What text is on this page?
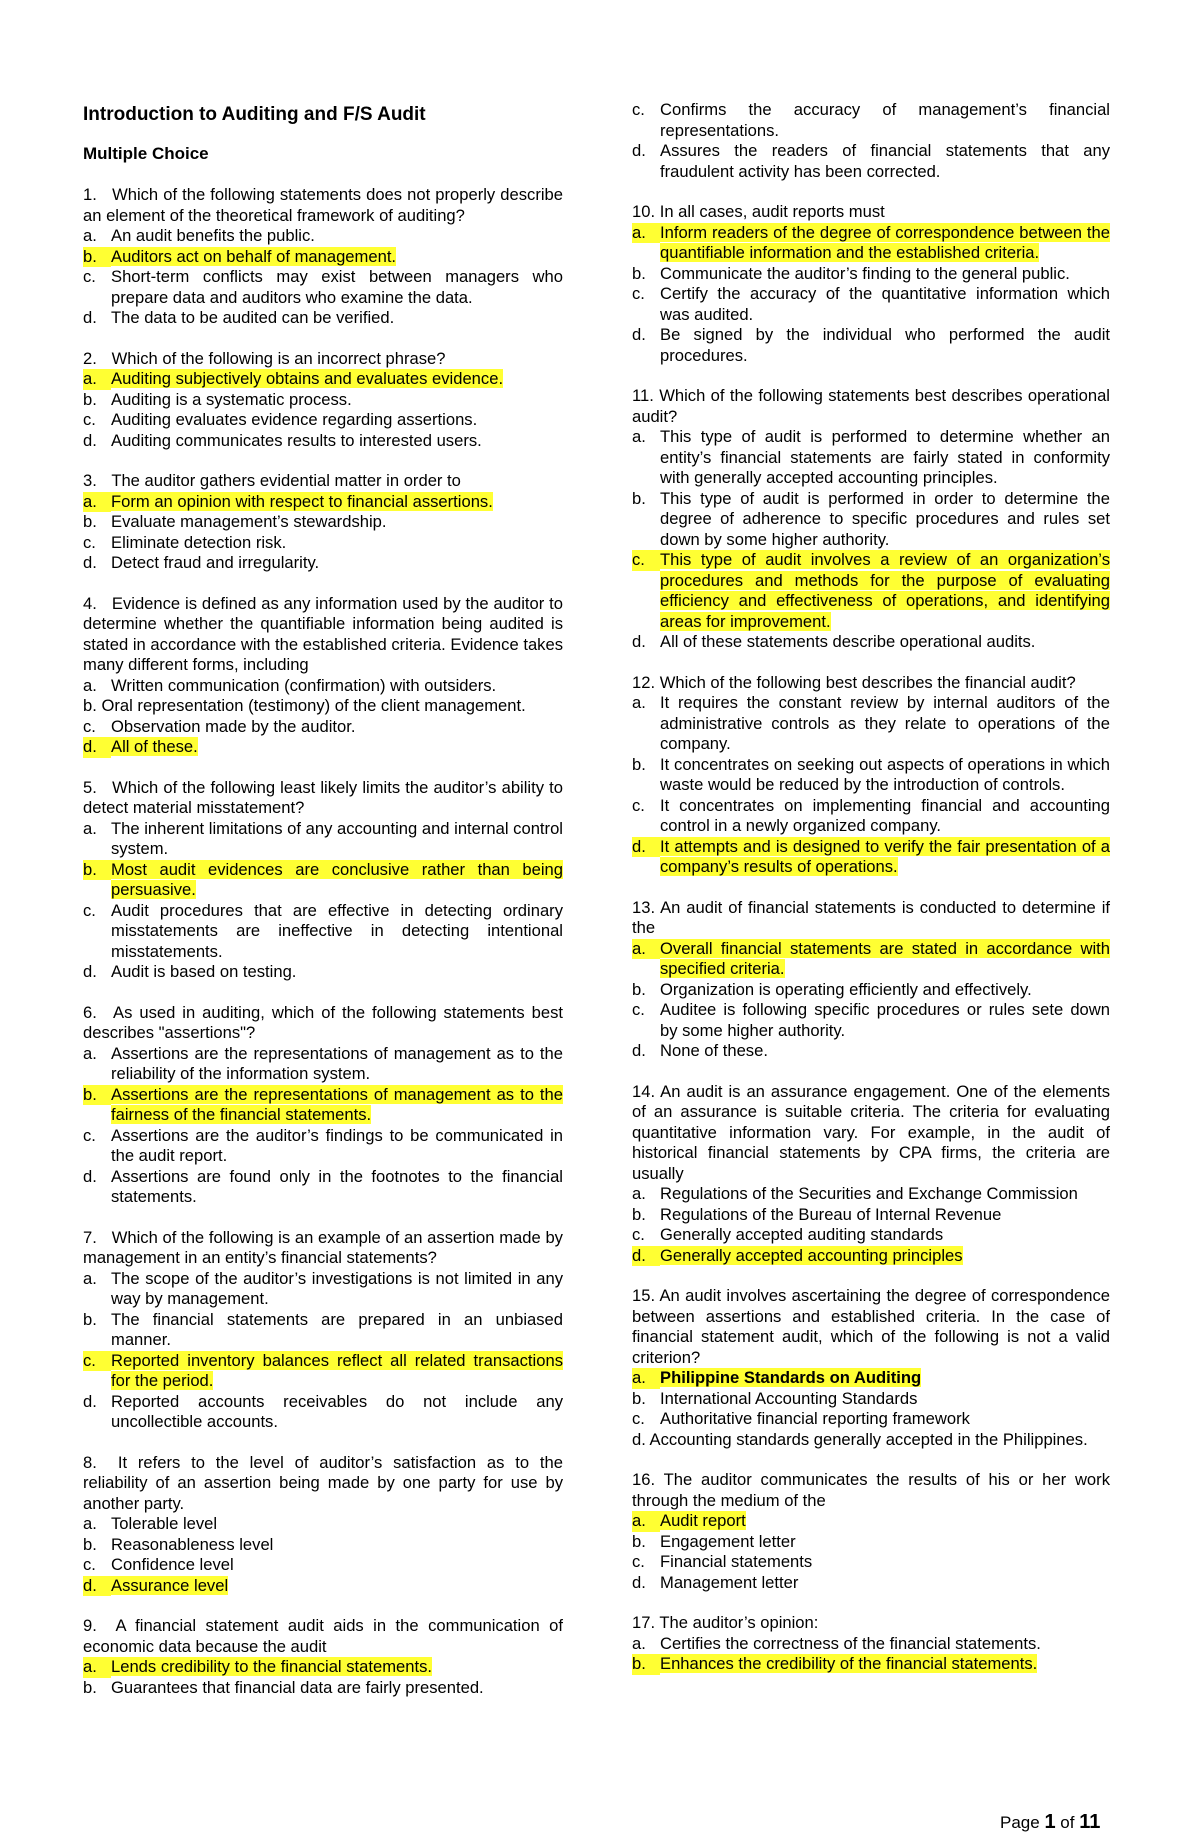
Introduction to Auditing and F/S Audit
Multiple Choice
1. Which of the following statements does not properly describe an element of the theoretical framework of auditing?
a. An audit benefits the public.
b. Auditors act on behalf of management.
c. Short-term conflicts may exist between managers who prepare data and auditors who examine the data.
d. The data to be audited can be verified.
2. Which of the following is an incorrect phrase?
a. Auditing subjectively obtains and evaluates evidence.
b. Auditing is a systematic process.
c. Auditing evaluates evidence regarding assertions.
d. Auditing communicates results to interested users.
3. The auditor gathers evidential matter in order to
a. Form an opinion with respect to financial assertions.
b. Evaluate management’s stewardship.
c. Eliminate detection risk.
d. Detect fraud and irregularity.
4. Evidence is defined as any information used by the auditor to determine whether the quantifiable information being audited is stated in accordance with the established criteria. Evidence takes many different forms, including
a. Written communication (confirmation) with outsiders.
b. Oral representation (testimony) of the client management.
c. Observation made by the auditor.
d. All of these.
5. Which of the following least likely limits the auditor’s ability to detect material misstatement?
a. The inherent limitations of any accounting and internal control system.
b. Most audit evidences are conclusive rather than being persuasive.
c. Audit procedures that are effective in detecting ordinary misstatements are ineffective in detecting intentional misstatements.
d. Audit is based on testing.
6. As used in auditing, which of the following statements best describes "assertions"?
a. Assertions are the representations of management as to the reliability of the information system.
b. Assertions are the representations of management as to the fairness of the financial statements.
c. Assertions are the auditor’s findings to be communicated in the audit report.
d. Assertions are found only in the footnotes to the financial statements.
7. Which of the following is an example of an assertion made by management in an entity’s financial statements?
a. The scope of the auditor’s investigations is not limited in any way by management.
b. The financial statements are prepared in an unbiased manner.
c. Reported inventory balances reflect all related transactions for the period.
d. Reported accounts receivables do not include any uncollectible accounts.
8. It refers to the level of auditor’s satisfaction as to the reliability of an assertion being made by one party for use by another party.
a. Tolerable level
b. Reasonableness level
c. Confidence level
d. Assurance level
9. A financial statement audit aids in the communication of economic data because the audit
a. Lends credibility to the financial statements.
b. Guarantees that financial data are fairly presented.
c. Confirms the accuracy of management’s financial representations.
d. Assures the readers of financial statements that any fraudulent activity has been corrected.
10. In all cases, audit reports must
a. Inform readers of the degree of correspondence between the quantifiable information and the established criteria.
b. Communicate the auditor’s finding to the general public.
c. Certify the accuracy of the quantitative information which was audited.
d. Be signed by the individual who performed the audit procedures.
11. Which of the following statements best describes operational audit?
a. This type of audit is performed to determine whether an entity’s financial statements are fairly stated in conformity with generally accepted accounting principles.
b. This type of audit is performed in order to determine the degree of adherence to specific procedures and rules set down by some higher authority.
c. This type of audit involves a review of an organization’s procedures and methods for the purpose of evaluating efficiency and effectiveness of operations, and identifying areas for improvement.
d. All of these statements describe operational audits.
12. Which of the following best describes the financial audit?
a. It requires the constant review by internal auditors of the administrative controls as they relate to operations of the company.
b. It concentrates on seeking out aspects of operations in which waste would be reduced by the introduction of controls.
c. It concentrates on implementing financial and accounting control in a newly organized company.
d. It attempts and is designed to verify the fair presentation of a company’s results of operations.
13. An audit of financial statements is conducted to determine if the
a. Overall financial statements are stated in accordance with specified criteria.
b. Organization is operating efficiently and effectively.
c. Auditee is following specific procedures or rules sete down by some higher authority.
d. None of these.
14. An audit is an assurance engagement. One of the elements of an assurance is suitable criteria. The criteria for evaluating quantitative information vary. For example, in the audit of historical financial statements by CPA firms, the criteria are usually
a. Regulations of the Securities and Exchange Commission
b. Regulations of the Bureau of Internal Revenue
c. Generally accepted auditing standards
d. Generally accepted accounting principles
15. An audit involves ascertaining the degree of correspondence between assertions and established criteria. In the case of financial statement audit, which of the following is not a valid criterion?
a. Philippine Standards on Auditing
b. International Accounting Standards
c. Authoritative financial reporting framework
d. Accounting standards generally accepted in the Philippines.
16. The auditor communicates the results of his or her work through the medium of the
a. Audit report
b. Engagement letter
c. Financial statements
d. Management letter
17. The auditor’s opinion:
a. Certifies the correctness of the financial statements.
b. Enhances the credibility of the financial statements.
Page 1 of 11
